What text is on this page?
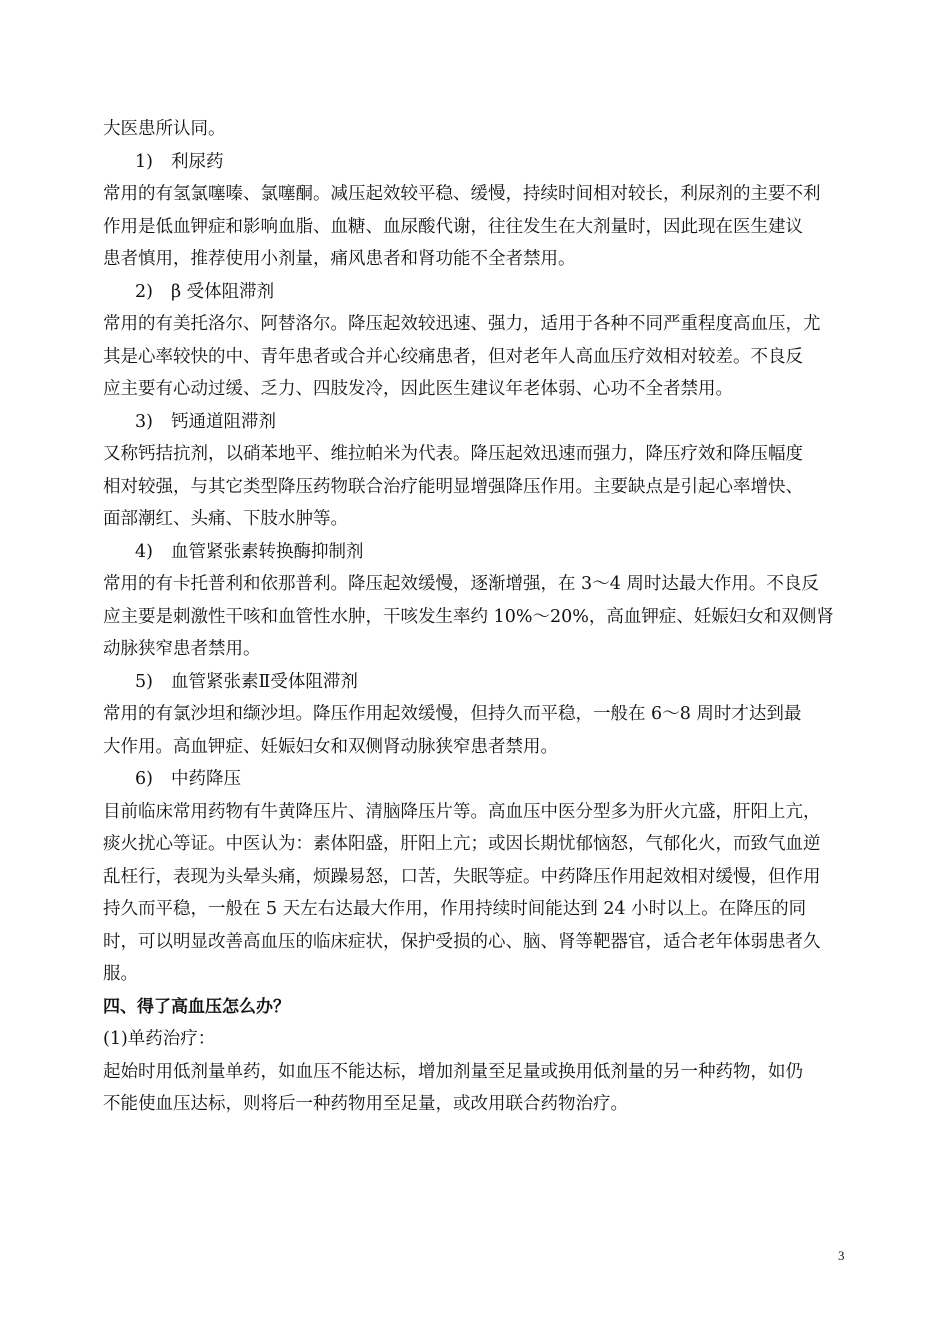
大医患所认同。
1) 利尿药
常用的有氢氯噻嗪、氯噻酮。减压起效较平稳、缓慢，持续时间相对较长，利尿剂的主要不利
作用是低血钾症和影响血脂、血糖、血尿酸代谢，往往发生在大剂量时，因此现在医生建议
患者慎用，推荐使用小剂量，痛风患者和肾功能不全者禁用。
2) β 受体阻滞剂
常用的有美托洛尔、阿替洛尔。降压起效较迅速、强力，适用于各种不同严重程度高血压，尤
其是心率较快的中、青年患者或合并心绞痛患者，但对老年人高血压疗效相对较差。不良反
应主要有心动过缓、乏力、四肢发冷，因此医生建议年老体弱、心功不全者禁用。
3) 钙通道阻滞剂
又称钙拮抗剂，以硝苯地平、维拉帕米为代表。降压起效迅速而强力，降压疗效和降压幅度
相对较强，与其它类型降压药物联合治疗能明显增强降压作用。主要缺点是引起心率增快、
面部潮红、头痛、下肢水肿等。
4) 血管紧张素转换酶抑制剂
常用的有卡托普利和依那普利。降压起效缓慢，逐渐增强，在 3～4 周时达最大作用。不良反
应主要是刺激性干咳和血管性水肿，干咳发生率约 10%～20%，高血钾症、妊娠妇女和双侧肾
动脉狭窄患者禁用。
5) 血管紧张素Ⅱ受体阻滞剂
常用的有氯沙坦和缬沙坦。降压作用起效缓慢，但持久而平稳，一般在 6～8 周时才达到最
大作用。高血钾症、妊娠妇女和双侧肾动脉狭窄患者禁用。
6) 中药降压
目前临床常用药物有牛黄降压片、清脑降压片等。高血压中医分型多为肝火亢盛，肝阳上亢，
痰火扰心等证。中医认为：素体阳盛，肝阳上亢；或因长期忧郁恼怒，气郁化火，而致气血逆
乱枉行，表现为头晕头痛，烦躁易怒，口苦，失眠等症。中药降压作用起效相对缓慢，但作用
持久而平稳，一般在 5 天左右达最大作用，作用持续时间能达到 24 小时以上。在降压的同
时，可以明显改善高血压的临床症状，保护受损的心、脑、肾等靶器官，适合老年体弱患者久
服。
四、得了高血压怎么办？
(1)单药治疗：
起始时用低剂量单药，如血压不能达标，增加剂量至足量或换用低剂量的另一种药物，如仍
不能使血压达标，则将后一种药物用至足量，或改用联合药物治疗。
3
